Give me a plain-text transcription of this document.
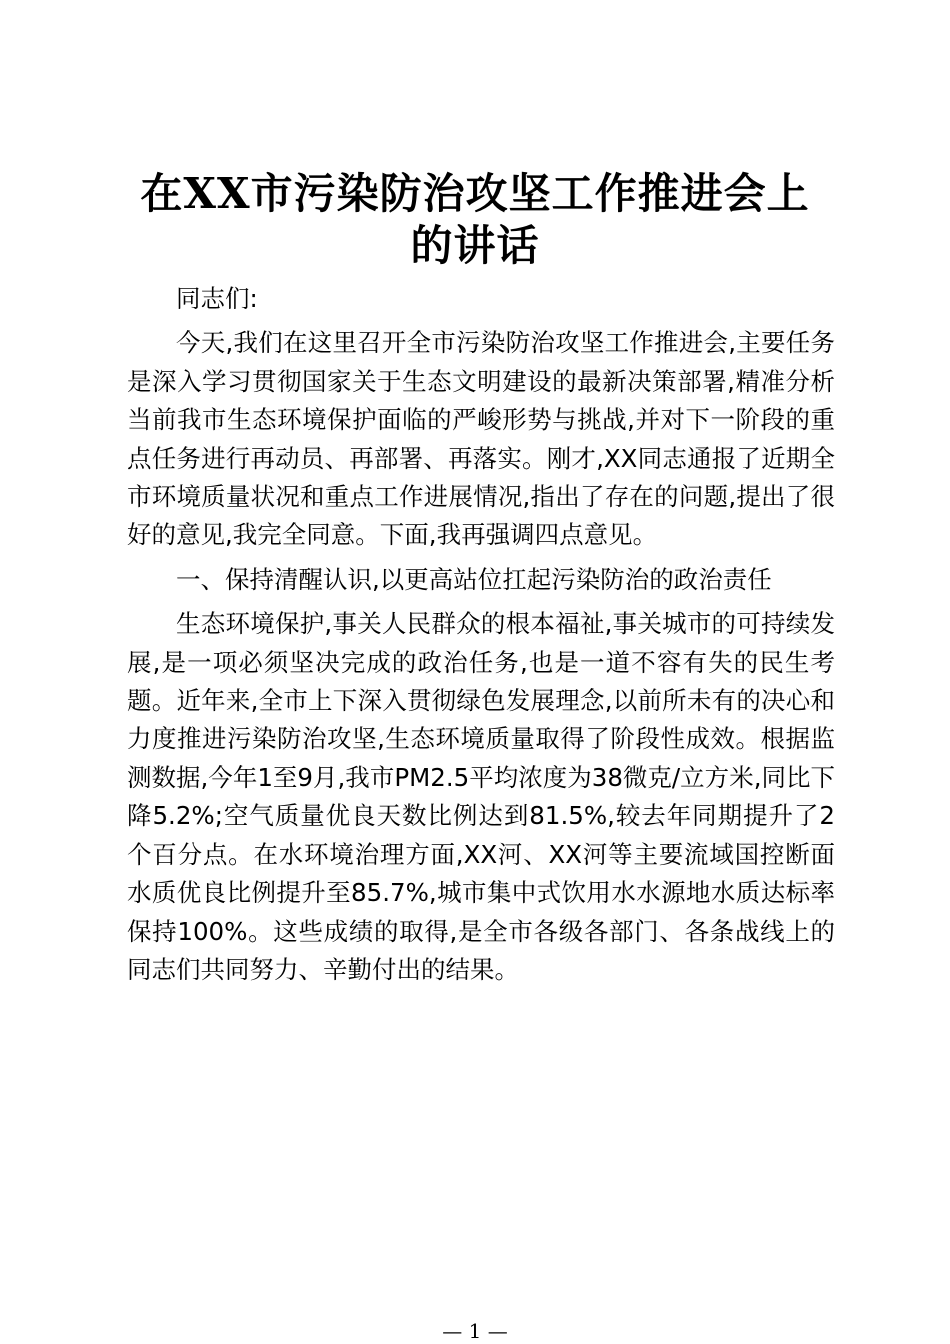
在XX市污染防治攻坚工作推进会上的讲话

同志们:

今天,我们在这里召开全市污染防治攻坚工作推进会,主要任务是深入学习贯彻国家关于生态文明建设的最新决策部署,精准分析当前我市生态环境保护面临的严峻形势与挑战,并对下一阶段的重点任务进行再动员、再部署、再落实。刚才,XX同志通报了近期全市环境质量状况和重点工作进展情况,指出了存在的问题,提出了很好的意见,我完全同意。下面,我再强调四点意见。

一、保持清醒认识,以更高站位扛起污染防治的政治责任

生态环境保护,事关人民群众的根本福祉,事关城市的可持续发展,是一项必须坚决完成的政治任务,也是一道不容有失的民生考题。近年来,全市上下深入贯彻绿色发展理念,以前所未有的决心和力度推进污染防治攻坚,生态环境质量取得了阶段性成效。根据监测数据,今年1至9月,我市PM2.5平均浓度为38微克/立方米,同比下降5.2%;空气质量优良天数比例达到81.5%,较去年同期提升了2个百分点。在水环境治理方面,XX河、XX河等主要流域国控断面水质优良比例提升至85.7%,城市集中式饮用水水源地水质达标率保持100%。这些成绩的取得,是全市各级各部门、各条战线上的同志们共同努力、辛勤付出的结果。

— 1 —
